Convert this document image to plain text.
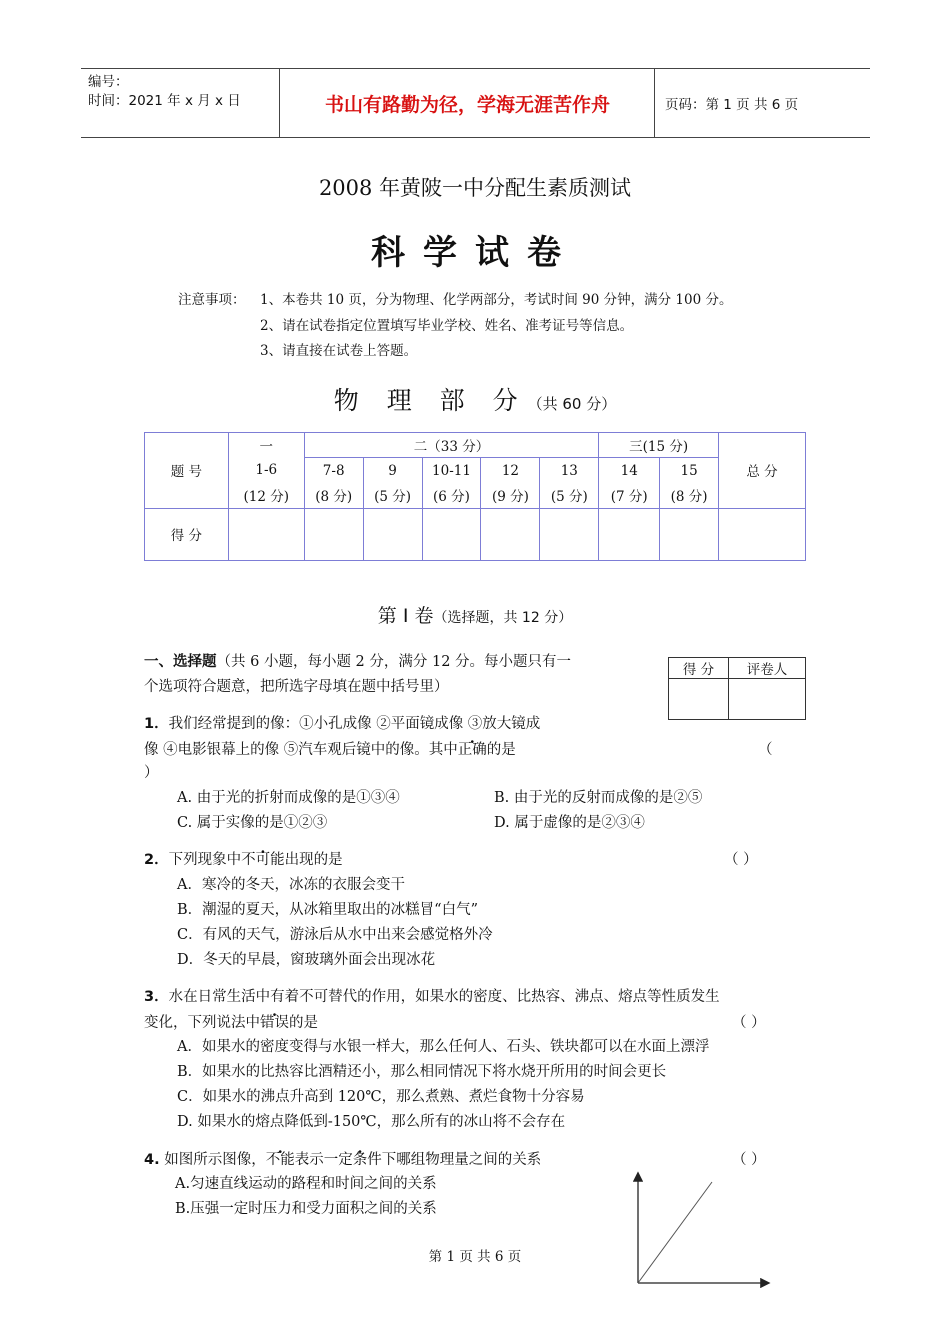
编号：
时间：2021 年 x 月 x 日	书山有路勤为径，学海无涯苦作舟	页码：第 1 页 共 6 页
2008 年黄陂一中分配生素质测试
科学试卷
注意事项： 1、本卷共 10 页，分为物理、化学两部分，考试时间 90 分钟，满分 100 分。
2、请在试卷指定位置填写毕业学校、姓名、准考证号等信息。
3、请直接在试卷上答题。
物 理 部 分（共 60 分）
题 号	一	二（33 分）					三(15 分)		总 分
	1-6	7-8	9	10-11	12	13	14	15	
	(12 分)	(8 分)	(5 分)	(6 分)	(9 分)	(5 分)	(7 分)	(8 分)	
得 分									
第 Ⅰ 卷（选择题，共 12 分）
得 分	评卷人

一、选择题（共 6 小题，每小题 2 分，满分 12 分。每小题只有一
个选项符合题意，把所选字母填在题中括号里）
1．我们经常提到的像：①小孔成像 ②平面镜成像 ③放大镜成
像 ④电影银幕上的像 ⑤汽车观后镜中的像。其中正确的是	（
）
A. 由于光的折射而成像的是①③④	B. 由于光的反射而成像的是②⑤
C. 属于实像的是①②③	D. 属于虚像的是②③④
2．下列现象中不可能出现的是	（ ）
A．寒冷的冬天，冰冻的衣服会变干
B．潮湿的夏天，从冰箱里取出的冰糕冒“白气”
C．有风的天气，游泳后从水中出来会感觉格外冷
D．冬天的早晨，窗玻璃外面会出现冰花
3．水在日常生活中有着不可替代的作用，如果水的密度、比热容、沸点、熔点等性质发生
变化，下列说法中错误的是	（ ）
A．如果水的密度变得与水银一样大，那么任何人、石头、铁块都可以在水面上漂浮
B．如果水的比热容比酒精还小，那么相同情况下将水烧开所用的时间会更长
C．如果水的沸点升高到 120℃，那么煮熟、煮烂食物十分容易
D. 如果水的熔点降低到-150℃，那么所有的冰山将不会存在
4. 如图所示图像，不能表示一定条件下 ·哪组物理量之间的关系	（ ）
A.匀速直线运动的路程和时间之间的关系
B.压强一定时压力和受力面积之间的关系
第 1 页 共 6 页
